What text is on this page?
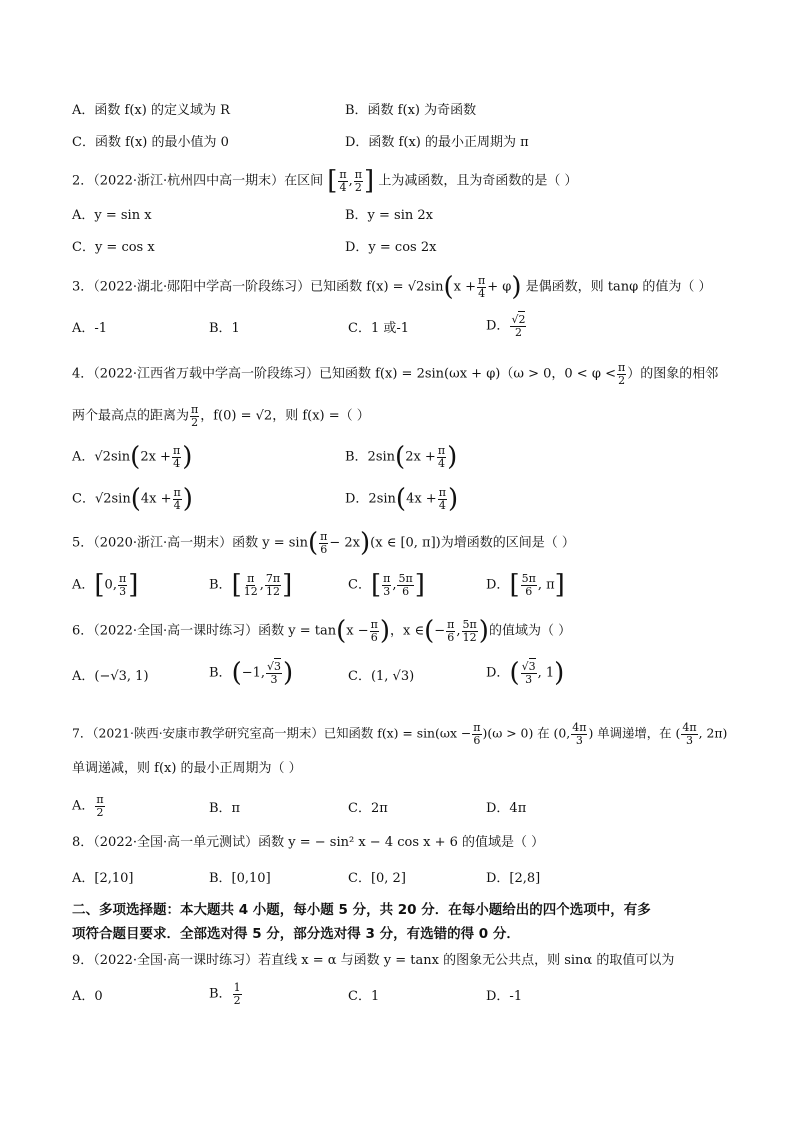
A．函数 f(x) 的定义域为 R	B．函数 f(x) 为奇函数
C．函数 f(x) 的最小值为 0	D．函数 f(x) 的最小正周期为 π
2．（2022·浙江·杭州四中高一期末）在区间 [ $\frac{\pi}{4}$ , $\frac{\pi}{2}$ ] 上为减函数，且为奇函数的是（ ）
A．y = sin x	B．y = sin 2x
C．y = cos x	D．y = cos 2x
3．（2022·湖北·郧阳中学高一阶段练习）已知函数 $f(x) = √2\sin(x + \frac{\pi}{4} + \varphi)$ 是偶函数，则 tanφ 的值为（ ）
A．-1	B．1	C．1 或-1	D． $\frac{√2}{2}$
4．（2022·江西省万载中学高一阶段练习）已知函数 f(x) = 2sin(ωx + φ)（ω > 0，$0 < \varphi < \frac{\pi}{2}$ ）的图象的相邻
两个最高点的距离为 $\frac{\pi}{2}$ ，f(0) = √2，则 f(x) =（ ）
A．$√2\sin(2x + \frac{\pi}{4}$ )	B．$2\sin(2x + \frac{\pi}{4}$ )
C．$√2\sin(4x + \frac{\pi}{4}$ )	D．$2\sin(4x + \frac{\pi}{4}$ )
5．（2020·浙江·高一期末）函数 $y = \sin( \frac{\pi}{6} - 2x)(x$ ∈ [0, π])为增函数的区间是（ ）
A．[0, $\frac{\pi}{3}$ ]	B．[ $\frac{\pi}{12}$ , $\frac{7\pi}{12}$ ]	C．[ $\frac{\pi}{3}$ , $\frac{5\pi}{6}$ ]	D．[ $\frac{5\pi}{6}$ , π]
6．（2022·全国·高一课时练习）函数 $y = \tan(x - \frac{\pi}{6}$ )，x ∈(− $\frac{\pi}{6}$ , $\frac{5\pi}{12}$ )的值域为（ ）
A．(−√3, 1)	B．(−1, $\frac{√3}{3}$ )	C．(1, √3)	D．( $\frac{√3}{3}$ , 1)
7．（2021·陕西·安康市教学研究室高一期末）已知函数 $f(x) = \sin(\omega x - \frac{\pi}{6} )(\omega > 0)$ 在 (0, $\frac{4\pi}{3}$ ) 单调递增，在 ( $\frac{4\pi}{3}$ , 2π)
单调递减，则 f(x) 的最小正周期为（ ）
A． $\frac{\pi}{2}$	B．π	C．2π	D．4π
8．（2022·全国·高一单元测试）函数 y = − sin² x − 4 cos x + 6 的值域是（ ）
A．[2,10]	B．[0,10]	C．[0, 2]	D．[2,8]
二、多项选择题：本大题共 4 小题，每小题 5 分，共 20 分．在每小题给出的四个选项中，有多
项符合题目要求．全部选对得 5 分，部分选对得 3 分，有选错的得 0 分．
9．（2022·全国·高一课时练习）若直线 x = α 与函数 y = tanx 的图象无公共点，则 sinα 的取值可以为
A．0	B． $\frac{1}{2}$	C．1	D．-1
